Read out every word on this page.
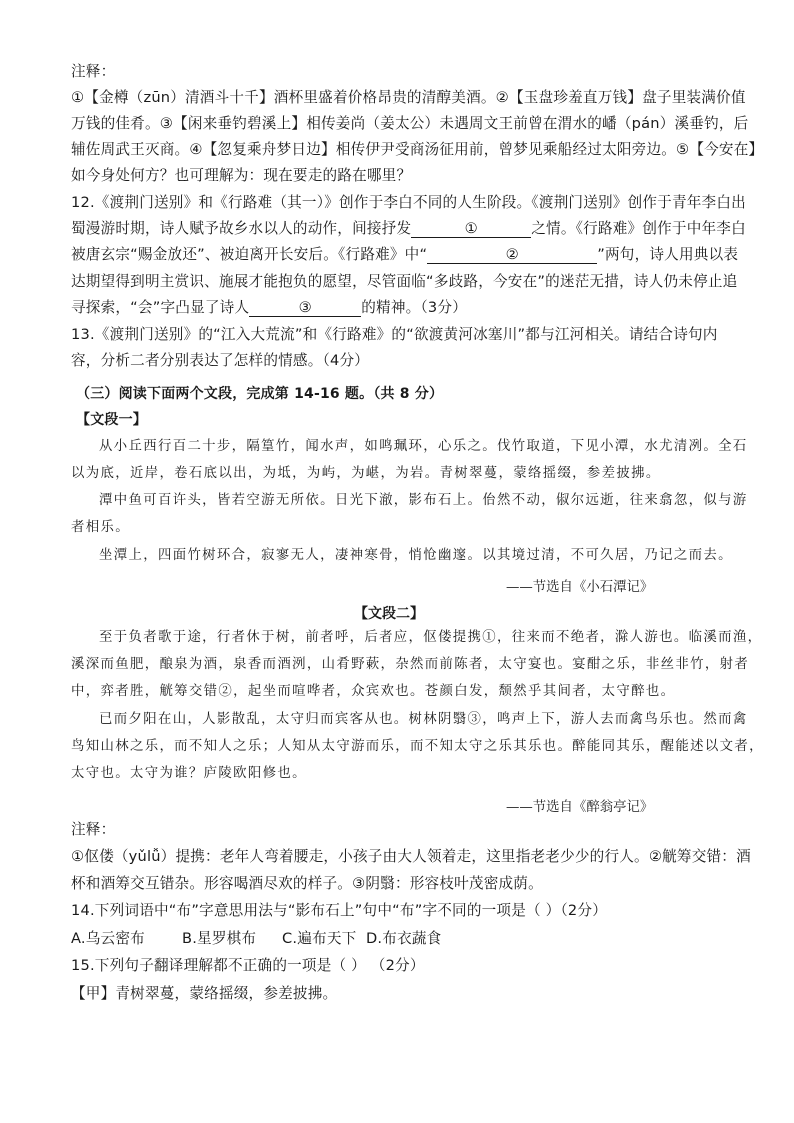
注释：
①【金樽（zūn）清酒斗十千】酒杯里盛着价格昂贵的清醇美酒。②【玉盘珍羞直万钱】盘子里装满价值
万钱的佳肴。③【闲来垂钓碧溪上】相传姜尚（姜太公）未遇周文王前曾在渭水的嶓（pán）溪垂钓，后
辅佐周武王灭商。④【忽复乘舟梦日边】相传伊尹受商汤征用前，曾梦见乘船经过太阳旁边。⑤【今安在】
如今身处何方？也可理解为：现在要走的路在哪里？
12.《渡荆门送别》和《行路难（其一）》创作于李白不同的人生阶段。《渡荆门送别》创作于青年李白出
蜀漫游时期，诗人赋予故乡水以人的动作，间接抒发	①	之情。《行路难》创作于中年李白
被唐玄宗“赐金放还”、被迫离开长安后。《行路难》中“	②	”两句，诗人用典以表
达期望得到明主赏识、施展才能抱负的愿望，尽管面临“多歧路，今安在”的迷茫无措，诗人仍未停止追
寻探索，“会”字凸显了诗人	③	的精神。（3分）
13.《渡荆门送别》的“江入大荒流”和《行路难》的“欲渡黄河冰塞川”都与江河相关。请结合诗句内
容，分析二者分别表达了怎样的情感。（4分）
（三）阅读下面两个文段，完成第 14-16 题。（共 8 分）
【文段一】
从小丘西行百二十步，隔篁竹，闻水声，如鸣珮环，心乐之。伐竹取道，下见小潭，水尤清冽。全石
以为底，近岸，卷石底以出，为坻，为屿，为嵁，为岩。青树翠蔓，蒙络摇缀，参差披拂。
潭中鱼可百许头，皆若空游无所依。日光下澈，影布石上。佁然不动，俶尔远逝，往来翕忽，似与游
者相乐。
坐潭上，四面竹树环合，寂寥无人，凄神寒骨，悄怆幽邃。以其境过清，不可久居，乃记之而去。
——节选自《小石潭记》
【文段二】
至于负者歌于途，行者休于树，前者呼，后者应，伛偻提携①，往来而不绝者，滁人游也。临溪而渔，
溪深而鱼肥，酿泉为酒，泉香而酒洌，山肴野蔌，杂然而前陈者，太守宴也。宴酣之乐，非丝非竹，射者
中，弈者胜，觥筹交错②，起坐而喧哗者，众宾欢也。苍颜白发，颓然乎其间者，太守醉也。
已而夕阳在山，人影散乱，太守归而宾客从也。树林阴翳③，鸣声上下，游人去而禽鸟乐也。然而禽
鸟知山林之乐，而不知人之乐；人知从太守游而乐，而不知太守之乐其乐也。醉能同其乐，醒能述以文者，
太守也。太守为谁？庐陵欧阳修也。
——节选自《醉翁亭记》
注释：
①伛偻（yǔlǚ）提携：老年人弯着腰走，小孩子由大人领着走，这里指老老少少的行人。②觥筹交错：酒
杯和酒筹交互错杂。形容喝酒尽欢的样子。③阴翳：形容枝叶茂密成荫。
14.下列词语中“布”字意思用法与“影布石上”句中“布”字不同的一项是（ ）（2分）
A.乌云密布	B.星罗棋布 C.遍布天下 D.布衣蔬食
15.下列句子翻译理解都不正确的一项是（ ） （2分）
【甲】青树翠蔓，蒙络摇缀，参差披拂。
